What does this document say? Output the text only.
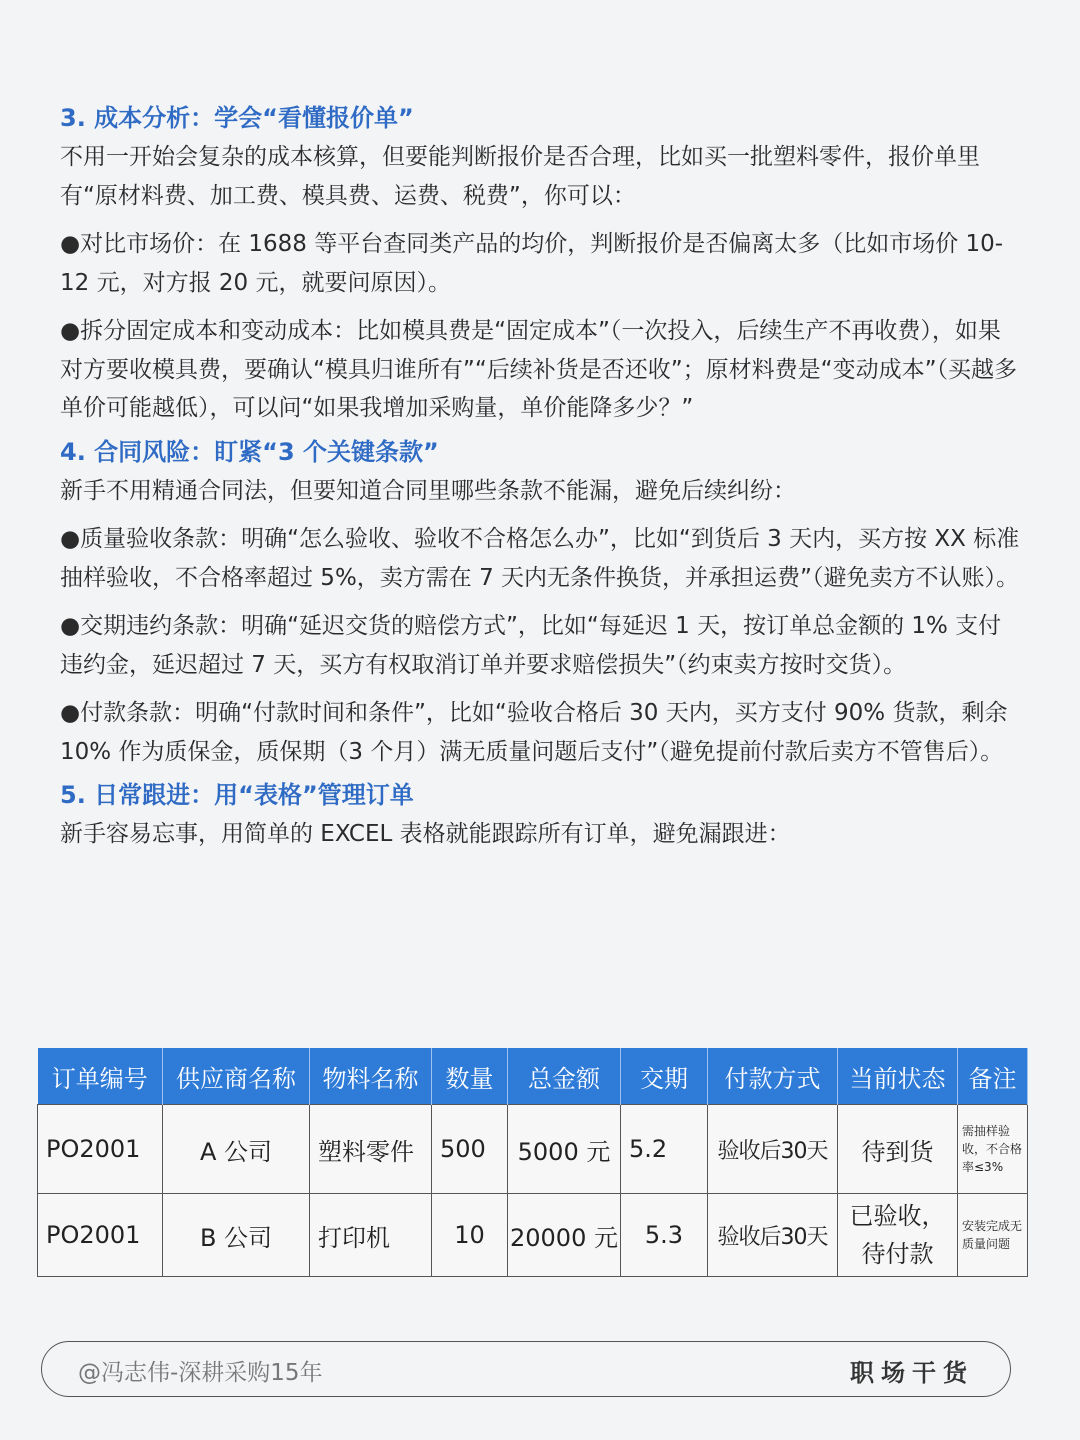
3. 成本分析：学会“看懂报价单”

不用一开始会复杂的成本核算，但要能判断报价是否合理，比如买一批塑料零件，报价单里有“原材料费、加工费、模具费、运费、税费”，你可以：

●对比市场价：在 1688 等平台查同类产品的均价，判断报价是否偏离太多（比如市场价 10-12 元，对方报 20 元，就要问原因）。

●拆分固定成本和变动成本：比如模具费是“固定成本”（一次投入，后续生产不再收费），如果对方要收模具费，要确认“模具归谁所有”“后续补货是否还收”；原材料费是“变动成本”（买越多单价可能越低），可以问“如果我增加采购量，单价能降多少？”

4. 合同风险：盯紧“3 个关键条款”

新手不用精通合同法，但要知道合同里哪些条款不能漏，避免后续纠纷：

●质量验收条款：明确“怎么验收、验收不合格怎么办”，比如“到货后 3 天内，买方按 XX 标准抽样验收，不合格率超过 5%，卖方需在 7 天内无条件换货，并承担运费”（避免卖方不认账）。

●交期违约条款：明确“延迟交货的赔偿方式”，比如“每延迟 1 天，按订单总金额的 1% 支付违约金，延迟超过 7 天，买方有权取消订单并要求赔偿损失”（约束卖方按时交货）。

●付款条款：明确“付款时间和条件”，比如“验收合格后 30 天内，买方支付 90% 货款，剩余 10% 作为质保金，质保期（3 个月）满无质量问题后支付”（避免提前付款后卖方不管售后）。

5. 日常跟进：用“表格”管理订单

新手容易忘事，用简单的 EXCEL 表格就能跟踪所有订单，避免漏跟进：

订单编号	供应商名称	物料名称	数量	总金额	交期	付款方式	当前状态	备注
PO2001	A 公司	塑料零件	500	5000 元	5.2	验收后30天	待到货	需抽样验收，不合格率≤3%
PO2001	B 公司	打印机	10	20000 元	5.3	验收后30天	已验收，待付款	安装完成无质量问题
@冯志伟-深耕采购15年	职场干货
